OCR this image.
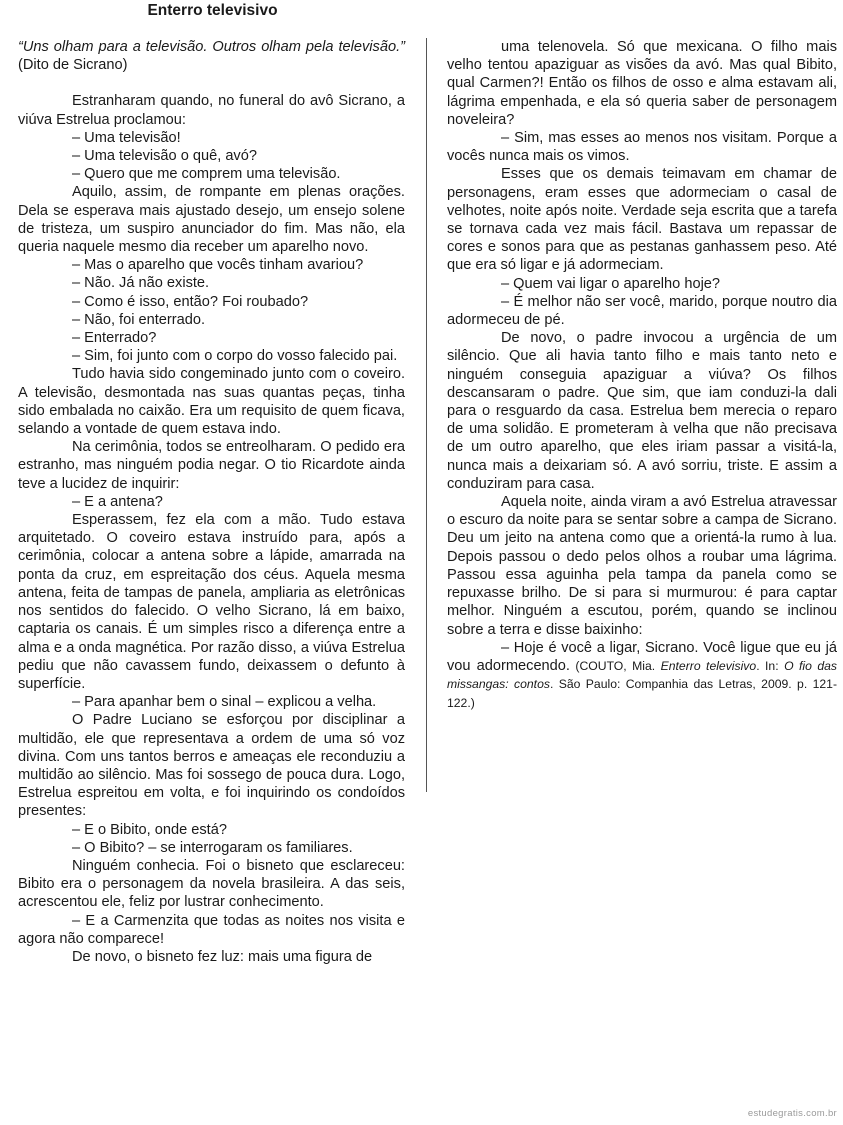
Enterro televisivo

“Uns olham para a televisão. Outros olham pela televisão.” (Dito de Sicrano)

Estranharam quando, no funeral do avô Sicrano, a viúva Estrelua proclamou:

– Uma televisão!

– Uma televisão o quê, avó?

– Quero que me comprem uma televisão.

Aquilo, assim, de rompante em plenas orações. Dela se esperava mais ajustado desejo, um ensejo solene de tristeza, um suspiro anunciador do fim. Mas não, ela queria naquele mesmo dia receber um aparelho novo.

– Mas o aparelho que vocês tinham avariou?

– Não. Já não existe.

– Como é isso, então? Foi roubado?

– Não, foi enterrado.

– Enterrado?

– Sim, foi junto com o corpo do vosso falecido pai.

Tudo havia sido congeminado junto com o coveiro. A televisão, desmontada nas suas quantas peças, tinha sido embalada no caixão. Era um requisito de quem ficava, selando a vontade de quem estava indo.

Na cerimônia, todos se entreolharam. O pedido era estranho, mas ninguém podia negar. O tio Ricardote ainda teve a lucidez de inquirir:

– E a antena?

Esperassem, fez ela com a mão. Tudo estava arquitetado. O coveiro estava instruído para, após a cerimônia, colocar a antena sobre a lápide, amarrada na ponta da cruz, em espreitação dos céus. Aquela mesma antena, feita de tampas de panela, ampliaria as eletrônicas nos sentidos do falecido. O velho Sicrano, lá em baixo, captaria os canais. É um simples risco a diferença entre a alma e a onda magnética. Por razão disso, a viúva Estrelua pediu que não cavassem fundo, deixassem o defunto à superfície.

– Para apanhar bem o sinal – explicou a velha.

O Padre Luciano se esforçou por disciplinar a multidão, ele que representava a ordem de uma só voz divina. Com uns tantos berros e ameaças ele reconduziu a multidão ao silêncio. Mas foi sossego de pouca dura. Logo, Estrelua espreitou em volta, e foi inquirindo os condoídos presentes:

– E o Bibito, onde está?

– O Bibito? – se interrogaram os familiares.

Ninguém conhecia. Foi o bisneto que esclareceu: Bibito era o personagem da novela brasileira. A das seis, acrescentou ele, feliz por lustrar conhecimento.

– E a Carmenzita que todas as noites nos visita e agora não comparece!

De novo, o bisneto fez luz: mais uma figura de

uma telenovela. Só que mexicana. O filho mais velho tentou apaziguar as visões da avó. Mas qual Bibito, qual Carmen?! Então os filhos de osso e alma estavam ali, lágrima empenhada, e ela só queria saber de personagem noveleira?

– Sim, mas esses ao menos nos visitam. Porque a vocês nunca mais os vimos.

Esses que os demais teimavam em chamar de personagens, eram esses que adormeciam o casal de velhotes, noite após noite. Verdade seja escrita que a tarefa se tornava cada vez mais fácil. Bastava um repassar de cores e sonos para que as pestanas ganhassem peso. Até que era só ligar e já adormeciam.

– Quem vai ligar o aparelho hoje?

– É melhor não ser você, marido, porque noutro dia adormeceu de pé.

De novo, o padre invocou a urgência de um silêncio. Que ali havia tanto filho e mais tanto neto e ninguém conseguia apaziguar a viúva? Os filhos descansaram o padre. Que sim, que iam conduzi-la dali para o resguardo da casa. Estrelua bem merecia o reparo de uma solidão. E prometeram à velha que não precisava de um outro aparelho, que eles iriam passar a visitá-la, nunca mais a deixariam só. A avó sorriu, triste. E assim a conduziram para casa.

Aquela noite, ainda viram a avó Estrelua atravessar o escuro da noite para se sentar sobre a campa de Sicrano. Deu um jeito na antena como que a orientá-la rumo à lua. Depois passou o dedo pelos olhos a roubar uma lágrima. Passou essa aguinha pela tampa da panela como se repuxasse brilho. De si para si murmurou: é para captar melhor. Ninguém a escutou, porém, quando se inclinou sobre a terra e disse baixinho:

– Hoje é você a ligar, Sicrano. Você ligue que eu já vou adormecendo. (COUTO, Mia. Enterro televisivo. In: O fio das missangas: contos. São Paulo: Companhia das Letras, 2009. p. 121-122.)

estudegratis.com.br
